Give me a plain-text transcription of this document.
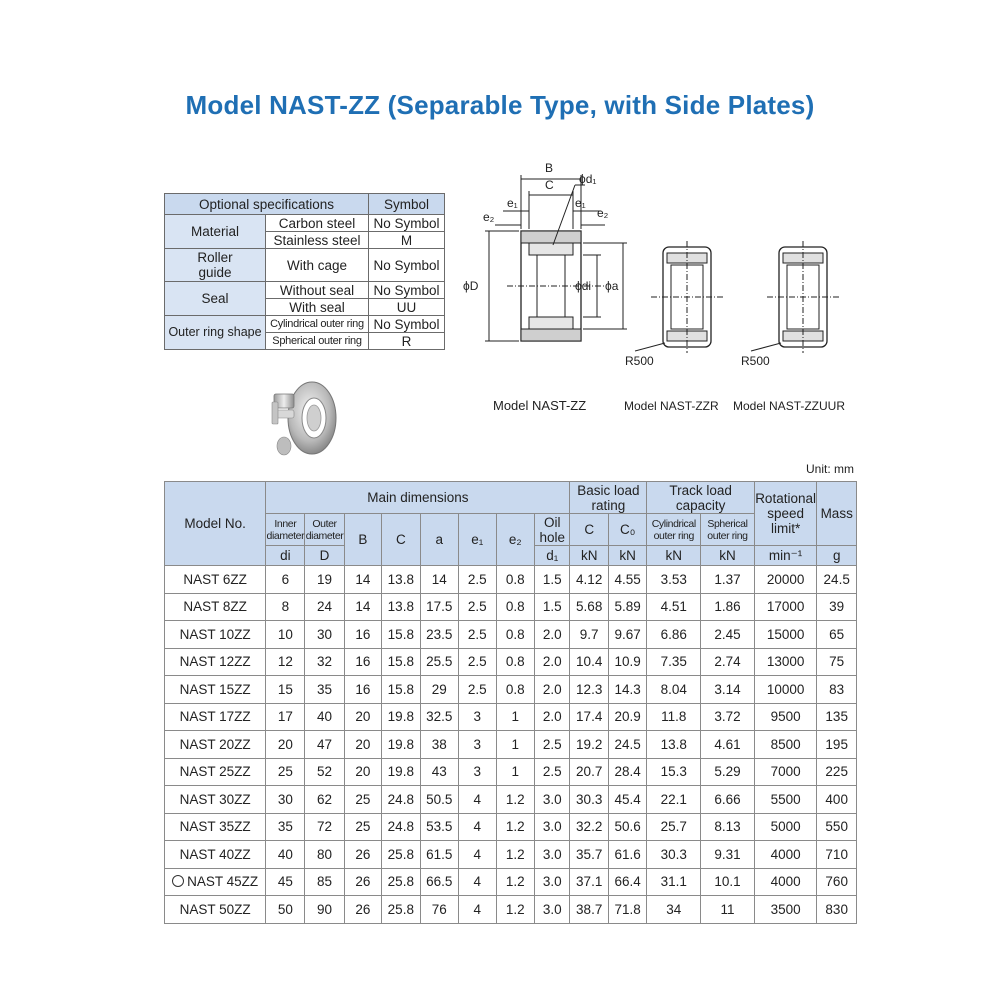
Model NAST-ZZ (Separable Type, with Side Plates)
Optional specifications		Symbol
Material	Carbon steel	No Symbol
	Stainless steel	M
Roller guide	With cage	No Symbol
Seal	Without seal	No Symbol
	With seal	UU
Outer ring shape	Cylindrical outer ring	No Symbol
	Spherical outer ring	R
B
C ϕd₁
e₁	e₁
e₂	e₂
ϕD	ϕdi ϕa
R500	R500
Model NAST-ZZ	Model NAST-ZZR Model NAST-ZZUUR
Unit: mm
Model No.	Main dimensions								Basic load rating		Track load capacity		Rotational speed limit*	Mass
	Inner diameter	Outer diameter	B	C	a	e₁	e₂	Oil hole	C	C₀	Cylindrical outer ring	Spherical outer ring		
	di	D						d₁	kN	kN	kN	kN	min⁻¹	g
NAST 6ZZ	6	19	14	13.8	14	2.5	0.8	1.5	4.12	4.55	3.53	1.37	20000	24.5
NAST 8ZZ	8	24	14	13.8	17.5	2.5	0.8	1.5	5.68	5.89	4.51	1.86	17000	39
NAST 10ZZ	10	30	16	15.8	23.5	2.5	0.8	2.0	9.7	9.67	6.86	2.45	15000	65
NAST 12ZZ	12	32	16	15.8	25.5	2.5	0.8	2.0	10.4	10.9	7.35	2.74	13000	75
NAST 15ZZ	15	35	16	15.8	29	2.5	0.8	2.0	12.3	14.3	8.04	3.14	10000	83
NAST 17ZZ	17	40	20	19.8	32.5	3	1	2.0	17.4	20.9	11.8	3.72	9500	135
NAST 20ZZ	20	47	20	19.8	38	3	1	2.5	19.2	24.5	13.8	4.61	8500	195
NAST 25ZZ	25	52	20	19.8	43	3	1	2.5	20.7	28.4	15.3	5.29	7000	225
NAST 30ZZ	30	62	25	24.8	50.5	4	1.2	3.0	30.3	45.4	22.1	6.66	5500	400
NAST 35ZZ	35	72	25	24.8	53.5	4	1.2	3.0	32.2	50.6	25.7	8.13	5000	550
NAST 40ZZ	40	80	26	25.8	61.5	4	1.2	3.0	35.7	61.6	30.3	9.31	4000	710
NAST 45ZZ	45	85	26	25.8	66.5	4	1.2	3.0	37.1	66.4	31.1	10.1	4000	760
NAST 50ZZ	50	90	26	25.8	76	4	1.2	3.0	38.7	71.8	34	11	3500	830
